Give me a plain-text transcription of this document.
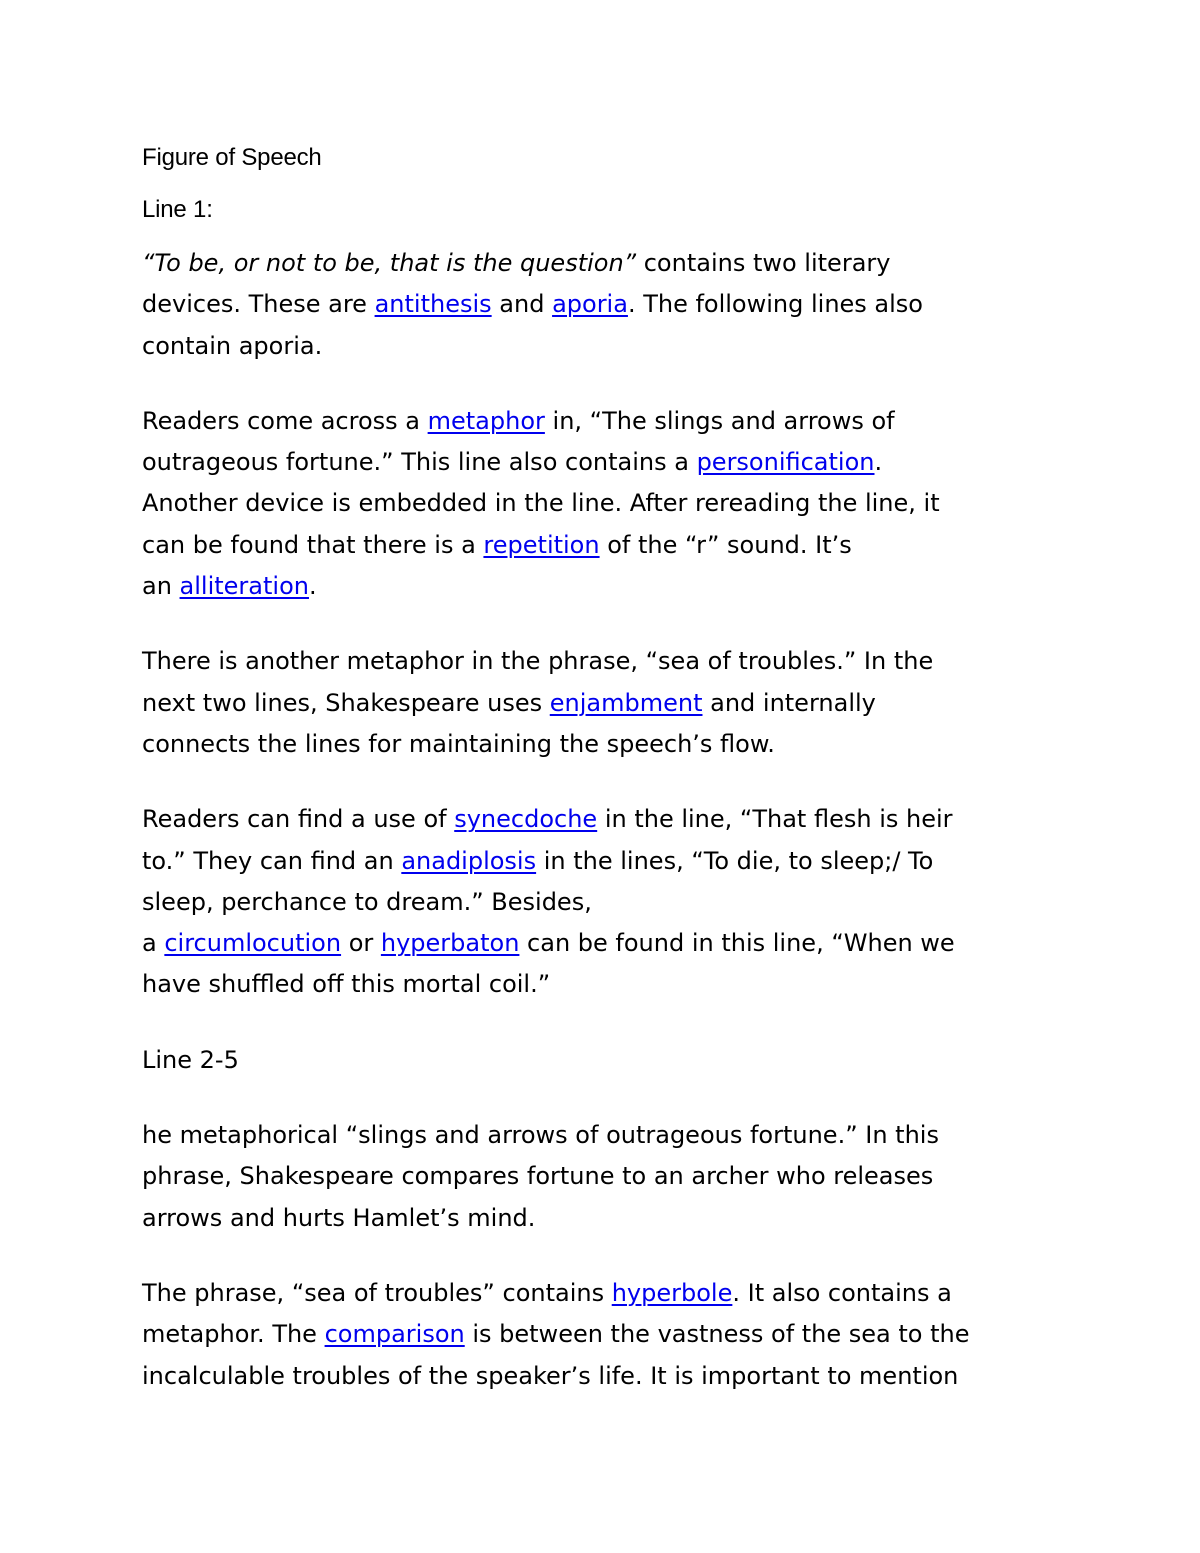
Figure of Speech
Line 1:
“To be, or not to be, that is the question” contains two literary
devices. These are antithesis and aporia. The following lines also
contain aporia.
Readers come across a metaphor in, “The slings and arrows of
outrageous fortune.” This line also contains a personification.
Another device is embedded in the line. After rereading the line, it
can be found that there is a repetition of the “r” sound. It’s
an alliteration.
There is another metaphor in the phrase, “sea of troubles.” In the
next two lines, Shakespeare uses enjambment and internally
connects the lines for maintaining the speech’s flow.
Readers can find a use of synecdoche in the line, “That flesh is heir
to.” They can find an anadiplosis in the lines, “To die, to sleep;/ To
sleep, perchance to dream.” Besides,
a circumlocution or hyperbaton can be found in this line, “When we
have shuffled off this mortal coil.”
Line 2-5
he metaphorical “slings and arrows of outrageous fortune.” In this
phrase, Shakespeare compares fortune to an archer who releases
arrows and hurts Hamlet’s mind.
The phrase, “sea of troubles” contains hyperbole. It also contains a
metaphor. The comparison is between the vastness of the sea to the
incalculable troubles of the speaker’s life. It is important to mention
